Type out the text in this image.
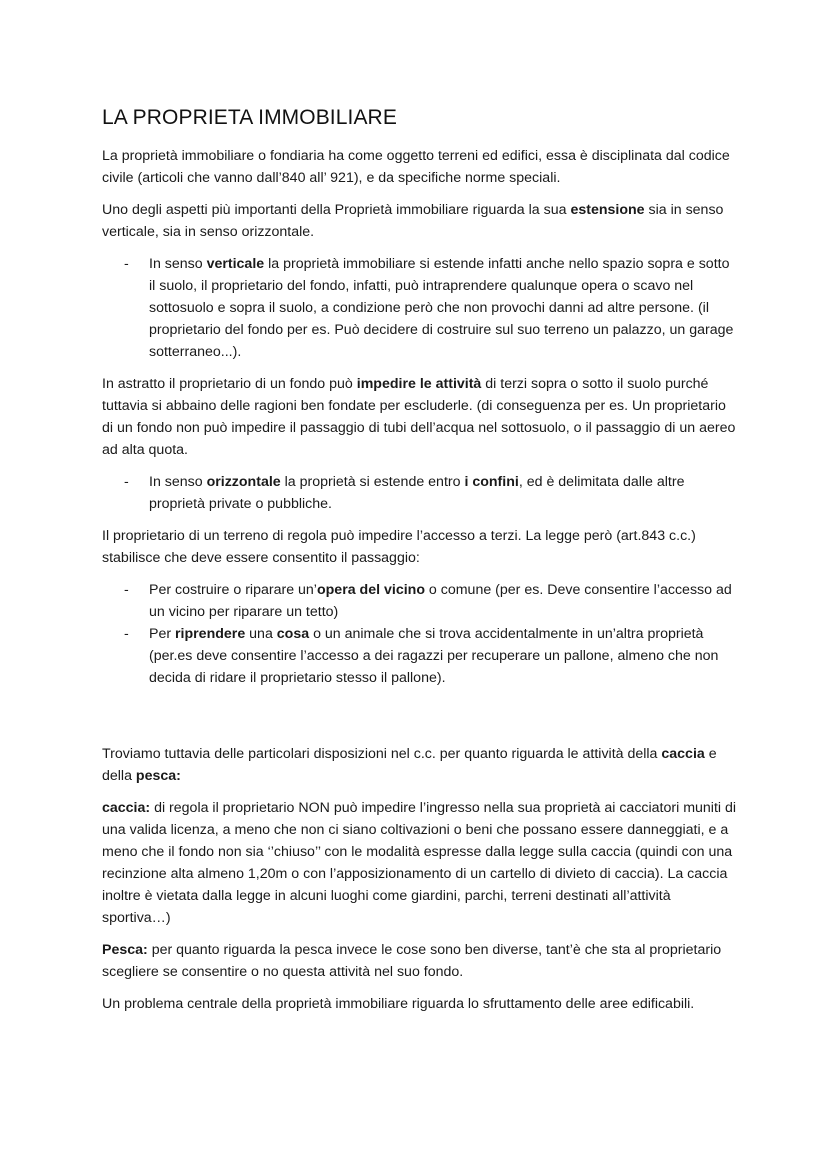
LA PROPRIETA IMMOBILIARE

La proprietà immobiliare o fondiaria ha come oggetto terreni ed edifici, essa è disciplinata dal codice civile (articoli che vanno dall’840 all’ 921), e da specifiche norme speciali.

Uno degli aspetti più importanti della Proprietà immobiliare riguarda la sua estensione sia in senso verticale, sia in senso orizzontale.

- In senso verticale la proprietà immobiliare si estende infatti anche nello spazio sopra e sotto il suolo, il proprietario del fondo, infatti, può intraprendere qualunque opera o scavo nel sottosuolo e sopra il suolo, a condizione però che non provochi danni ad altre persone. (il proprietario del fondo per es. Può decidere di costruire sul suo terreno un palazzo, un garage sotterraneo...).

In astratto il proprietario di un fondo può impedire le attività di terzi sopra o sotto il suolo purché tuttavia si abbaino delle ragioni ben fondate per escluderle. (di conseguenza per es. Un proprietario di un fondo non può impedire il passaggio di tubi dell’acqua nel sottosuolo, o il passaggio di un aereo ad alta quota.

- In senso orizzontale la proprietà si estende entro i confini, ed è delimitata dalle altre proprietà private o pubbliche.

Il proprietario di un terreno di regola può impedire l’accesso a terzi. La legge però (art.843 c.c.) stabilisce che deve essere consentito il passaggio:

- Per costruire o riparare un’opera del vicino o comune (per es. Deve consentire l’accesso ad un vicino per riparare un tetto)
- Per riprendere una cosa o un animale che si trova accidentalmente in un’altra proprietà (per.es deve consentire l’accesso a dei ragazzi per recuperare un pallone, almeno che non decida di ridare il proprietario stesso il pallone).

Troviamo tuttavia delle particolari disposizioni nel c.c. per quanto riguarda le attività della caccia e della pesca:

caccia: di regola il proprietario NON può impedire l’ingresso nella sua proprietà ai cacciatori muniti di una valida licenza, a meno che non ci siano coltivazioni o beni che possano essere danneggiati, e a meno che il fondo non sia ‘’chiuso’’ con le modalità espresse dalla legge sulla caccia (quindi con una recinzione alta almeno 1,20m o con l’apposizionamento di un cartello di divieto di caccia). La caccia inoltre è vietata dalla legge in alcuni luoghi come giardini, parchi, terreni destinati all’attività sportiva…)

Pesca: per quanto riguarda la pesca invece le cose sono ben diverse, tant’è che sta al proprietario scegliere se consentire o no questa attività nel suo fondo.

Un problema centrale della proprietà immobiliare riguarda lo sfruttamento delle aree edificabili.
